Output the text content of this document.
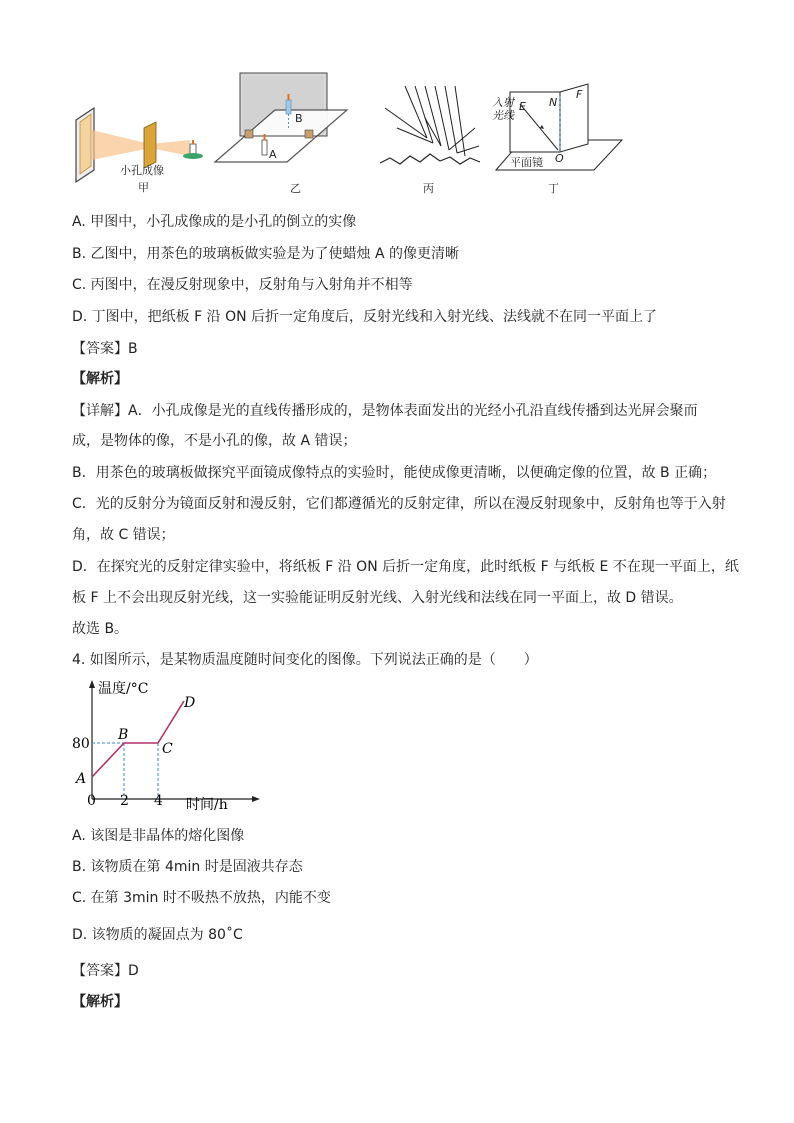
小孔成像
甲
A
B
乙	丙
入射光线
E N
F
O
平面镜
丁
A. 甲图中，小孔成像成的是小孔的倒立的实像
B. 乙图中，用茶色的玻璃板做实验是为了使蜡烛 A 的像更清晰
C. 丙图中，在漫反射现象中，反射角与入射角并不相等
D. 丁图中，把纸板 F 沿 ON 后折一定角度后，反射光线和入射光线、法线就不在同一平面上了
【答案】B
【解析】
【详解】A．小孔成像是光的直线传播形成的，是物体表面发出的光经小孔沿直线传播到达光屏会聚而
成，是物体的像，不是小孔的像，故 A 错误；
B．用茶色的玻璃板做探究平面镜成像特点的实验时，能使成像更清晰，以便确定像的位置，故 B 正确；
C．光的反射分为镜面反射和漫反射，它们都遵循光的反射定律，所以在漫反射现象中，反射角也等于入射
角，故 C 错误；
D．在探究光的反射定律实验中，将纸板 F 沿 ON 后折一定角度，此时纸板 F 与纸板 E 不在现一平面上，纸
板 F 上不会出现反射光线，这一实验能证明反射光线、入射光线和法线在同一平面上，故 D 错误。
故选 B。
4. 如图所示，是某物质温度随时间变化的图像。下列说法正确的是（　　）
温度/°C
时间/h
80
0 2 4
A
B
C
D
A. 该图是非晶体的熔化图像
B. 该物质在第 4min 时是固液共存态
C. 在第 3min 时不吸热不放热，内能不变
D. 该物质的凝固点为 80˚C
【答案】D
【解析】
